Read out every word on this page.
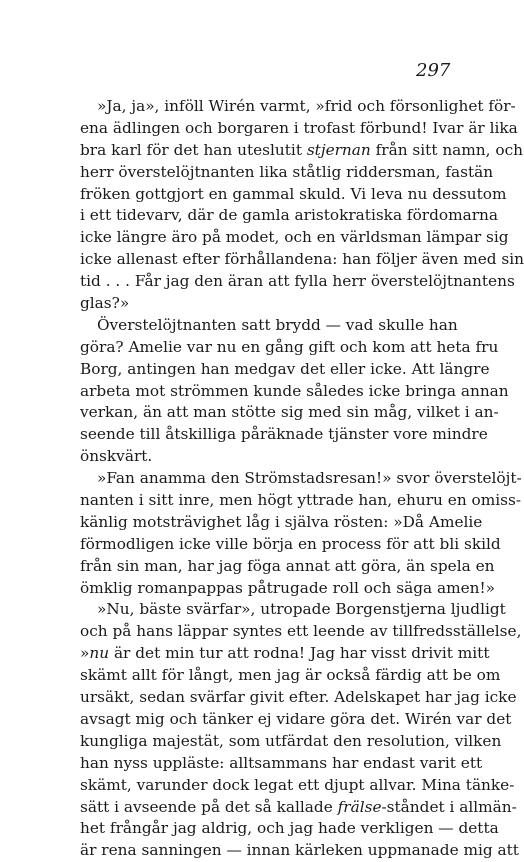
297
»Ja, ja», inföll Wirén varmt, »frid och försonlighet för-
ena ädlingen och borgaren i trofast förbund! Ivar är lika
bra karl för det han uteslutit stjernan från sitt namn, och
herr överstelöjtnanten lika ståtlig riddersman, fastän
fröken gottgjort en gammal skuld. Vi leva nu dessutom
i ett tidevarv, där de gamla aristokratiska fördomarna
icke längre äro på modet, och en världsman lämpar sig
icke allenast efter förhållandena: han följer även med sin
tid . . . Får jag den äran att fylla herr överstelöjtnantens
glas?»
Överstelöjtnanten satt brydd — vad skulle han
göra? Amelie var nu en gång gift och kom att heta fru
Borg, antingen han medgav det eller icke. Att längre
arbeta mot strömmen kunde således icke bringa annan
verkan, än att man stötte sig med sin måg, vilket i an-
seende till åtskilliga påräknade tjänster vore mindre
önskvärt.
»Fan anamma den Strömstadsresan!» svor överstelöjt-
nanten i sitt inre, men högt yttrade han, ehuru en omiss-
känlig motsträvighet låg i själva rösten: »Då Amelie
förmodligen icke ville börja en process för att bli skild
från sin man, har jag föga annat att göra, än spela en
ömklig romanpappas påtrugade roll och säga amen!»
»Nu, bäste svärfar», utropade Borgenstjerna ljudligt
och på hans läppar syntes ett leende av tillfredsställelse,
»nu är det min tur att rodna! Jag har visst drivit mitt
skämt allt för långt, men jag är också färdig att be om
ursäkt, sedan svärfar givit efter. Adelskapet har jag icke
avsagt mig och tänker ej vidare göra det. Wirén var det
kungliga majestät, som utfärdat den resolution, vilken
han nyss uppläste: alltsammans har endast varit ett
skämt, varunder dock legat ett djupt allvar. Mina tänke-
sätt i avseende på det så kallade frälse-ståndet i allmän-
het frångår jag aldrig, och jag hade verkligen — detta
är rena sanningen — innan kärleken uppmanade mig att
